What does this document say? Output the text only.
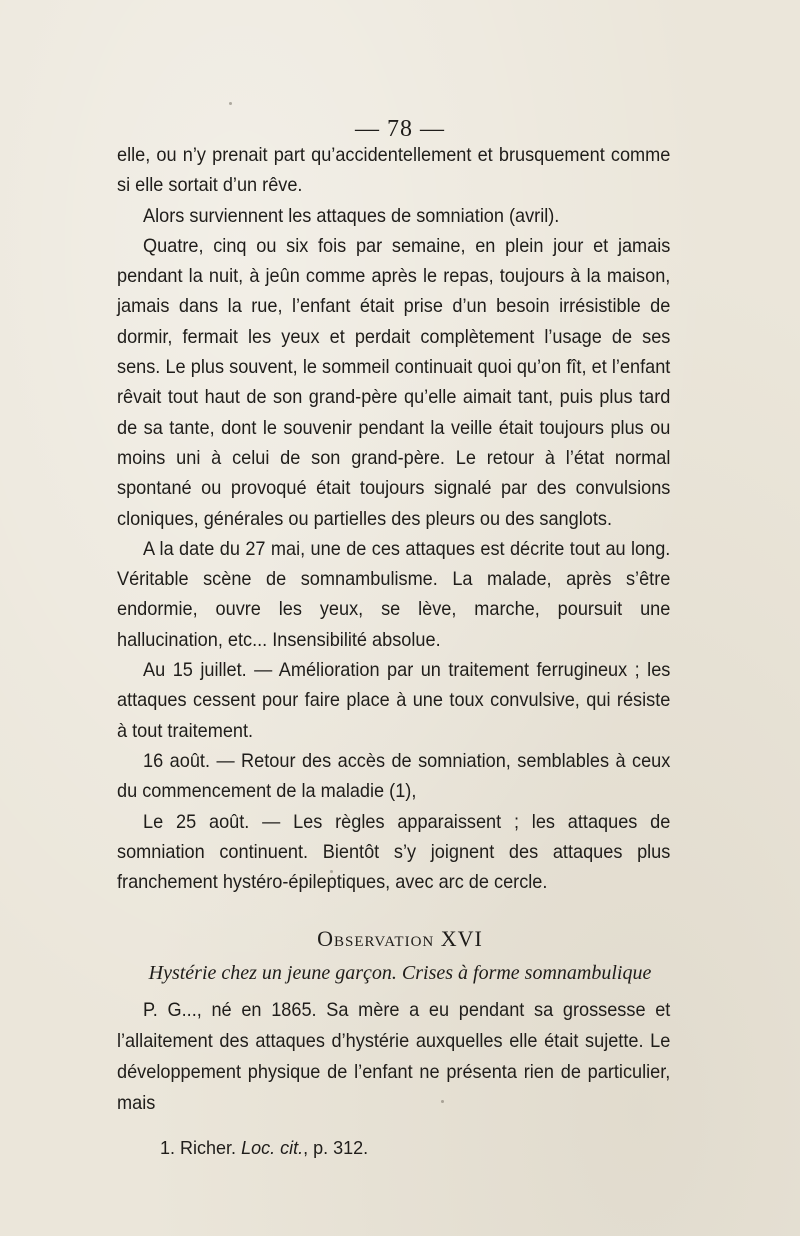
— 78 —

elle, ou n’y prenait part qu’accidentellement et brusquement comme si elle sortait d’un rêve.

Alors surviennent les attaques de somniation (avril).

Quatre, cinq ou six fois par semaine, en plein jour et jamais pendant la nuit, à jeûn comme après le repas, toujours à la maison, jamais dans la rue, l’enfant était prise d’un besoin irrésistible de dormir, fermait les yeux et perdait complètement l’usage de ses sens. Le plus souvent, le sommeil continuait quoi qu’on fît, et l’enfant rêvait tout haut de son grand-père qu’elle aimait tant, puis plus tard de sa tante, dont le souvenir pendant la veille était toujours plus ou moins uni à celui de son grand-père. Le retour à l’état normal spontané ou provoqué était toujours signalé par des convulsions cloniques, générales ou partielles des pleurs ou des sanglots.

A la date du 27 mai, une de ces attaques est décrite tout au long. Véritable scène de somnambulisme. La malade, après s’être endormie, ouvre les yeux, se lève, marche, poursuit une hallucination, etc... Insensibilité absolue.

Au 15 juillet. — Amélioration par un traitement ferrugineux ; les attaques cessent pour faire place à une toux convulsive, qui résiste à tout traitement.

16 août. — Retour des accès de somniation, semblables à ceux du commencement de la maladie (1),

Le 25 août. — Les règles apparaissent ; les attaques de somniation continuent. Bientôt s’y joignent des attaques plus franchement hystéro-épileptiques, avec arc de cercle.

Observation XVI
Hystérie chez un jeune garçon. Crises à forme somnambulique

P. G..., né en 1865. Sa mère a eu pendant sa grossesse et l’allaitement des attaques d’hystérie auxquelles elle était sujette. Le développement physique de l’enfant ne présenta rien de particulier, mais

1. Richer. Loc. cit., p. 312.
